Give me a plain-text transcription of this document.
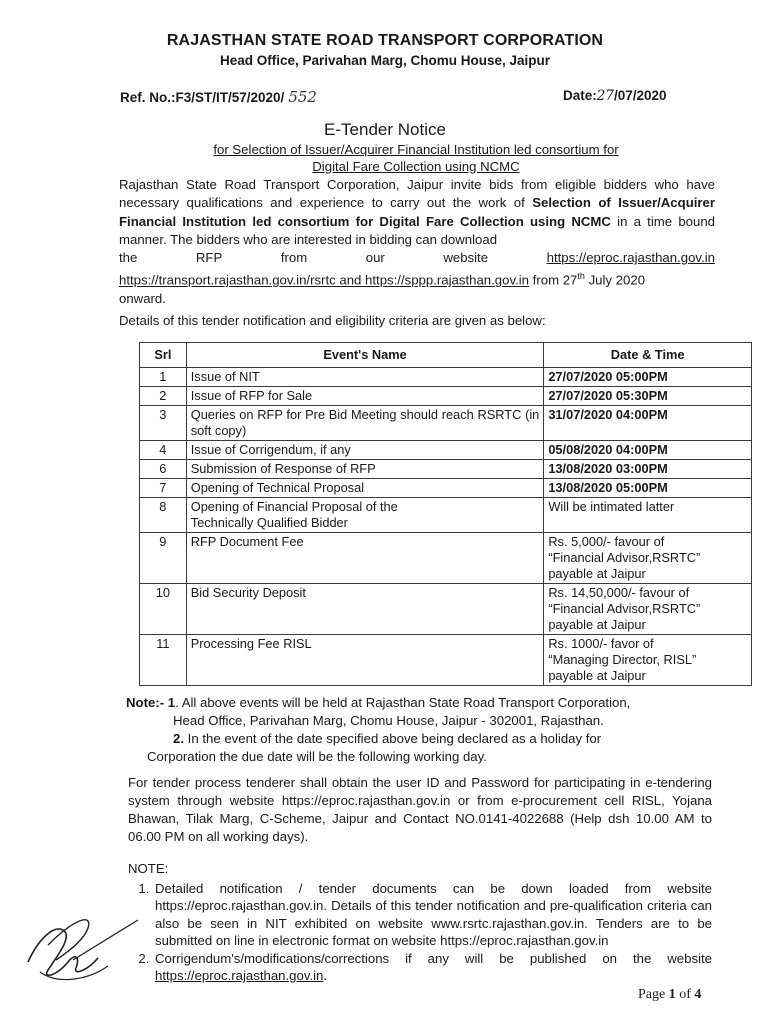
RAJASTHAN STATE ROAD TRANSPORT CORPORATION
Head Office, Parivahan Marg, Chomu House, Jaipur
Ref. No.:F3/ST/IT/57/2020/ 552	Date:27/07/2020
E-Tender Notice
for Selection of Issuer/Acquirer Financial Institution led consortium for
Digital Fare Collection using NCMC
Rajasthan State Road Transport Corporation, Jaipur invite bids from eligible bidders who have necessary qualifications and experience to carry out the work of Selection of Issuer/Acquirer Financial Institution led consortium for Digital Fare Collection using NCMC in a time bound manner. The bidders who are interested in bidding can download
the	RFP	from	our	website	https://eproc.rajasthan.gov.in
https://transport.rajasthan.gov.in/rsrtc and https://sppp.rajasthan.gov.in from 27th July 2020
onward.
Details of this tender notification and eligibility criteria are given as below:
Srl	Event's Name	Date & Time
1	Issue of NIT	27/07/2020 05:00PM
2	Issue of RFP for Sale	27/07/2020 05:30PM
3	Queries on RFP for Pre Bid Meeting should reach RSRTC (in soft copy)	31/07/2020 04:00PM
4	Issue of Corrigendum, if any	05/08/2020 04:00PM
6	Submission of Response of RFP	13/08/2020 03:00PM
7	Opening of Technical Proposal	13/08/2020 05:00PM
8	Opening of Financial Proposal of the
Technically Qualified Bidder	Will be intimated latter
9	RFP Document Fee	Rs. 5,000/- favour of
“Financial Advisor,RSRTC”
payable at Jaipur

10	Bid Security Deposit	Rs. 14,50,000/- favour of
“Financial Advisor,RSRTC”
payable at Jaipur

11	Processing Fee RISL	Rs. 1000/- favor of
“Managing Director, RISL”
payable at Jaipur
Note:- 1. All above events will be held at Rajasthan State Road Transport Corporation,
Head Office, Parivahan Marg, Chomu House, Jaipur - 302001, Rajasthan.
2. In the event of the date specified above being declared as a holiday for
Corporation the due date will be the following working day.
For tender process tenderer shall obtain the user ID and Password for participating in e-tendering system through website https://eproc.rajasthan.gov.in or from e-procurement cell RISL, Yojana Bhawan, Tilak Marg, C-Scheme, Jaipur and Contact NO.0141-4022688 (Help dsh 10.00 AM to 06.00 PM on all working days).
NOTE:
1. Detailed notification / tender documents can be down loaded from website https://eproc.rajasthan.gov.in. Details of this tender notification and pre-qualification criteria can also be seen in NIT exhibited on website www.rsrtc.rajasthan.gov.in. Tenders are to be submitted on line in electronic format on website https://eproc.rajasthan.gov.in
2. Corrigendum's/modifications/corrections if any will be published on the website https://eproc.rajasthan.gov.in.
Page 1 of 4
